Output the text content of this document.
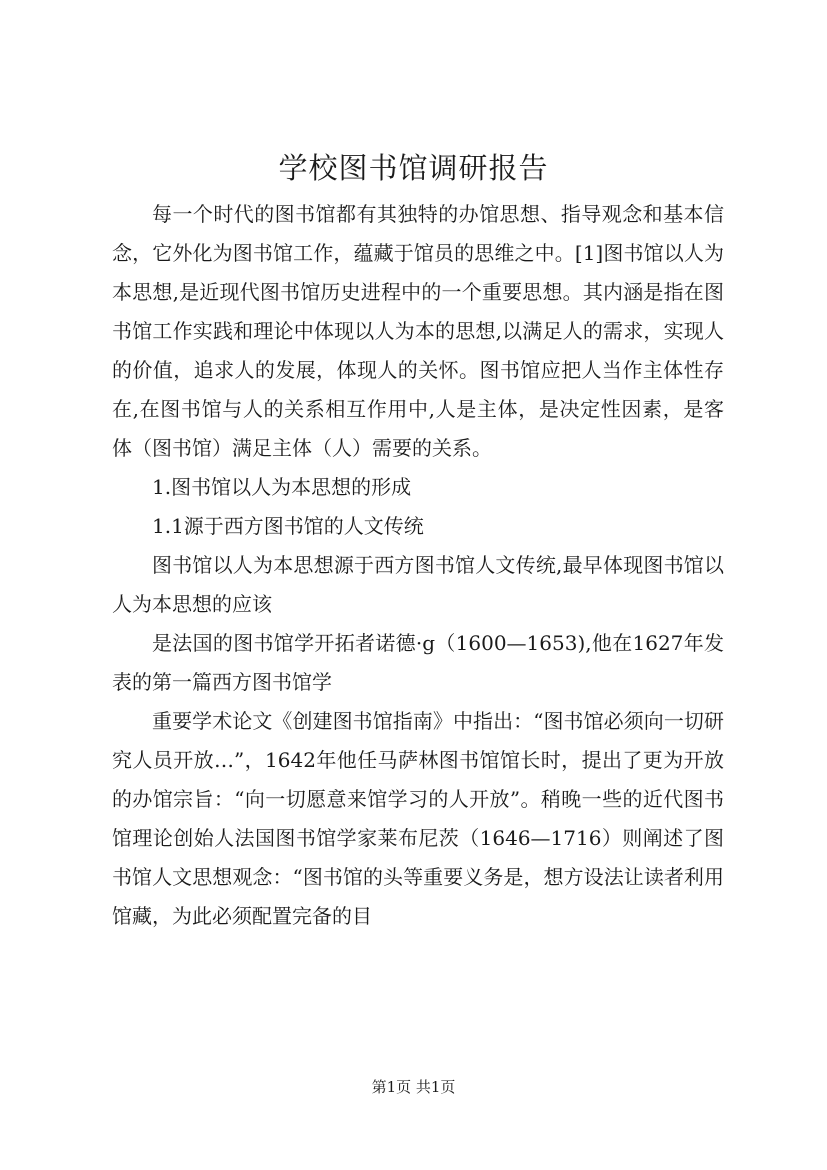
学校图书馆调研报告

每一个时代的图书馆都有其独特的办馆思想、指导观念和基本信念，它外化为图书馆工作，蕴藏于馆员的思维之中。[1]图书馆以人为本思想,是近现代图书馆历史进程中的一个重要思想。其内涵是指在图书馆工作实践和理论中体现以人为本的思想,以满足人的需求，实现人的价值，追求人的发展，体现人的关怀。图书馆应把人当作主体性存在,在图书馆与人的关系相互作用中,人是主体，是决定性因素，是客体（图书馆）满足主体（人）需要的关系。

1.图书馆以人为本思想的形成

1.1源于西方图书馆的人文传统

图书馆以人为本思想源于西方图书馆人文传统,最早体现图书馆以人为本思想的应该

是法国的图书馆学开拓者诺德·g（1600—1653),他在1627年发表的第一篇西方图书馆学

重要学术论文《创建图书馆指南》中指出：“图书馆必须向一切研究人员开放…”，1642年他任马萨林图书馆馆长时，提出了更为开放的办馆宗旨：“向一切愿意来馆学习的人开放”。稍晚一些的近代图书馆理论创始人法国图书馆学家莱布尼茨（1646—1716）则阐述了图书馆人文思想观念：“图书馆的头等重要义务是，想方设法让读者利用馆藏，为此必须配置完备的目

第1页 共1页
